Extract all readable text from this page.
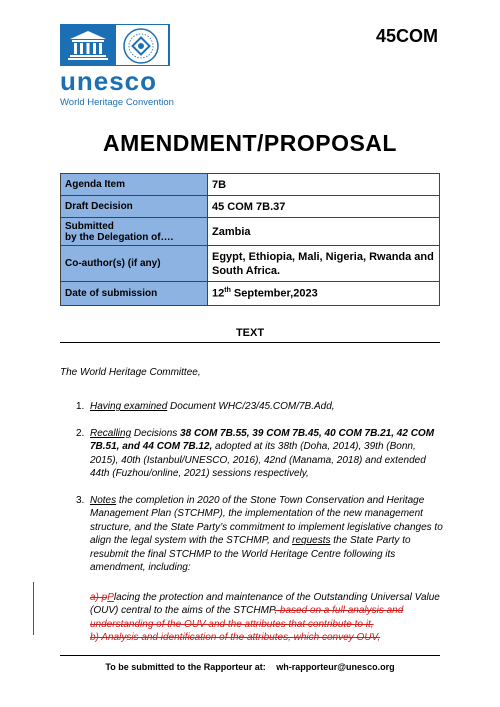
unesco
World Heritage Convention
45COM
AMENDMENT/PROPOSAL
Agenda Item	7B
Draft Decision	45 COM 7B.37
Submitted
by the Delegation of….	Zambia
Co-author(s) (if any)	Egypt, Ethiopia, Mali, Nigeria, Rwanda and South Africa.
Date of submission	12th September,2023
TEXT
The World Heritage Committee,
1. Having examined Document WHC/23/45.COM/7B.Add,
2. Recalling Decisions 38 COM 7B.55, 39 COM 7B.45, 40 COM 7B.21, 42 COM 7B.51, and 44 COM 7B.12, adopted at its 38th (Doha, 2014), 39th (Bonn, 2015), 40th (Istanbul/UNESCO, 2016), 42nd (Manama, 2018) and extended 44th (Fuzhou/online, 2021) sessions respectively,
3. Notes the completion in 2020 of the Stone Town Conservation and Heritage Management Plan (STCHMP), the implementation of the new management structure, and the State Party’s commitment to implement legislative changes to align the legal system with the STCHMP, and requests the State Party to resubmit the final STCHMP to the World Heritage Centre following its amendment, including:
a) pPlacing the protection and maintenance of the Outstanding Universal Value (OUV) central to the aims of the STCHMP, based on a full analysis and understanding of the OUV and the attributes that contribute to it,
b) Analysis and identification of the attributes, which convey OUV,
To be submitted to the Rapporteur at: wh-rapporteur@unesco.org
